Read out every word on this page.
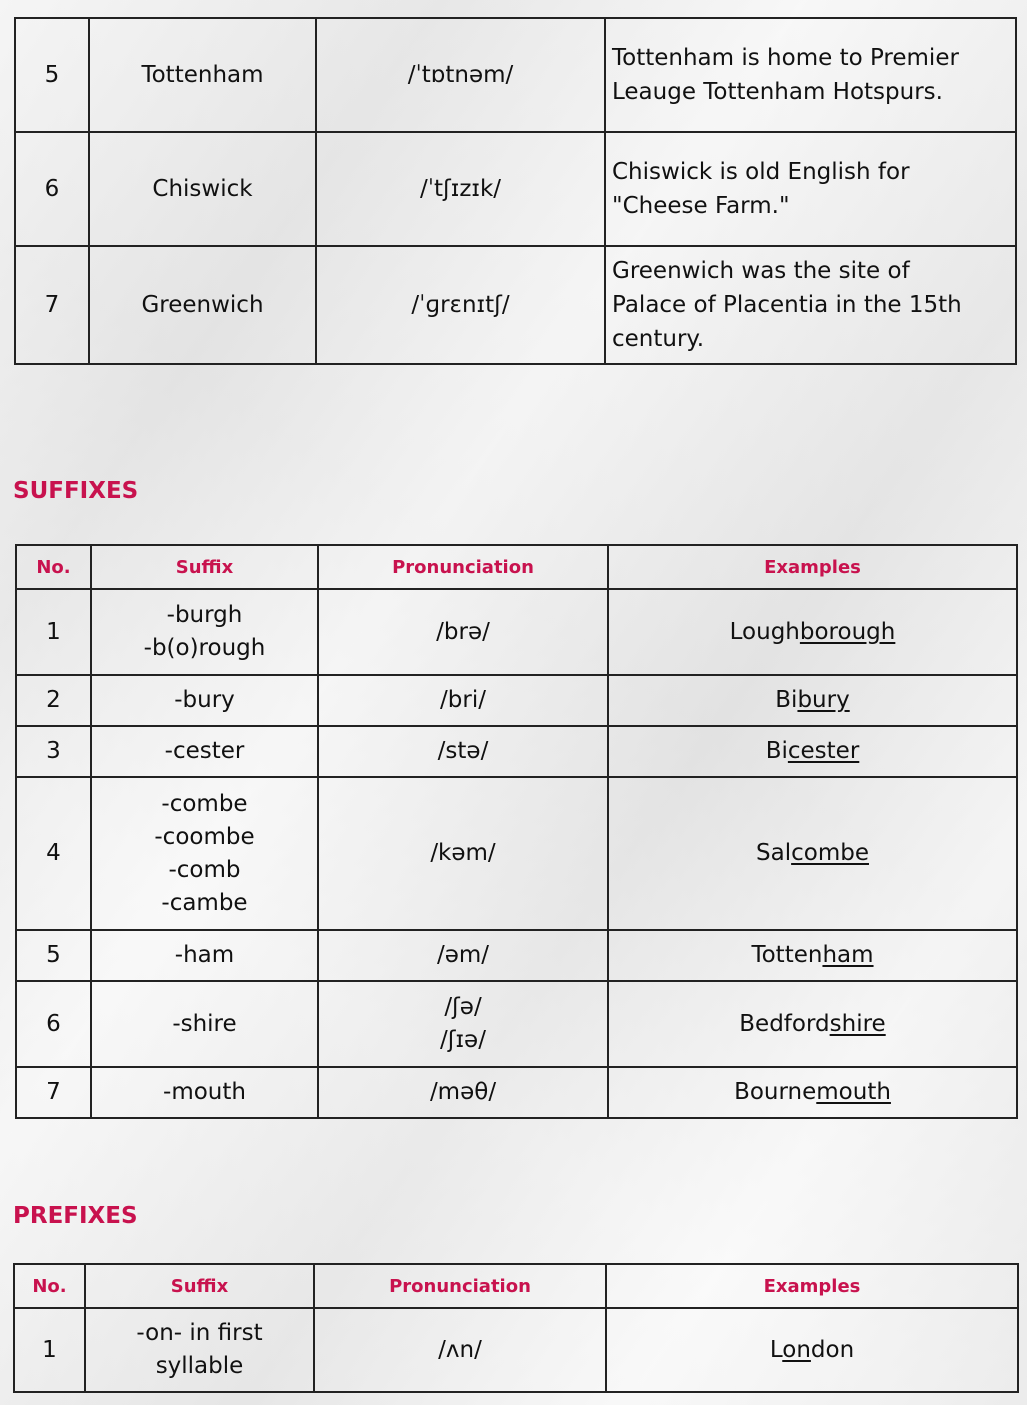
5	Tottenham	/ˈtɒtnəm/	Tottenham is home to Premier
Leauge Tottenham Hotspurs.

6	Chiswick	/ˈtʃɪzɪk/	Chiswick is old English for
"Cheese Farm."

7	Greenwich	/ˈɡrɛnɪtʃ/	Greenwich was the site of
Palace of Placentia in the 15th
century.
SUFFIXES
No.	Suffix	Pronunciation	Examples
1	-burgh
-b(o)rough	/brə/	Loughborough
2	-bury	/bri/	Bibury
3	-cester	/stə/	Bicester
4	-combe
-coombe
-comb
-cambe	/kəm/	Salcombe
5	-ham	/əm/	Tottenham
6	-shire	/ʃə/
/ʃɪə/	Bedfordshire
7	-mouth	/məθ/	Bournemouth
PREFIXES
No.	Suffix	Pronunciation	Examples
1	-on- in first
syllable	/ʌn/	London
